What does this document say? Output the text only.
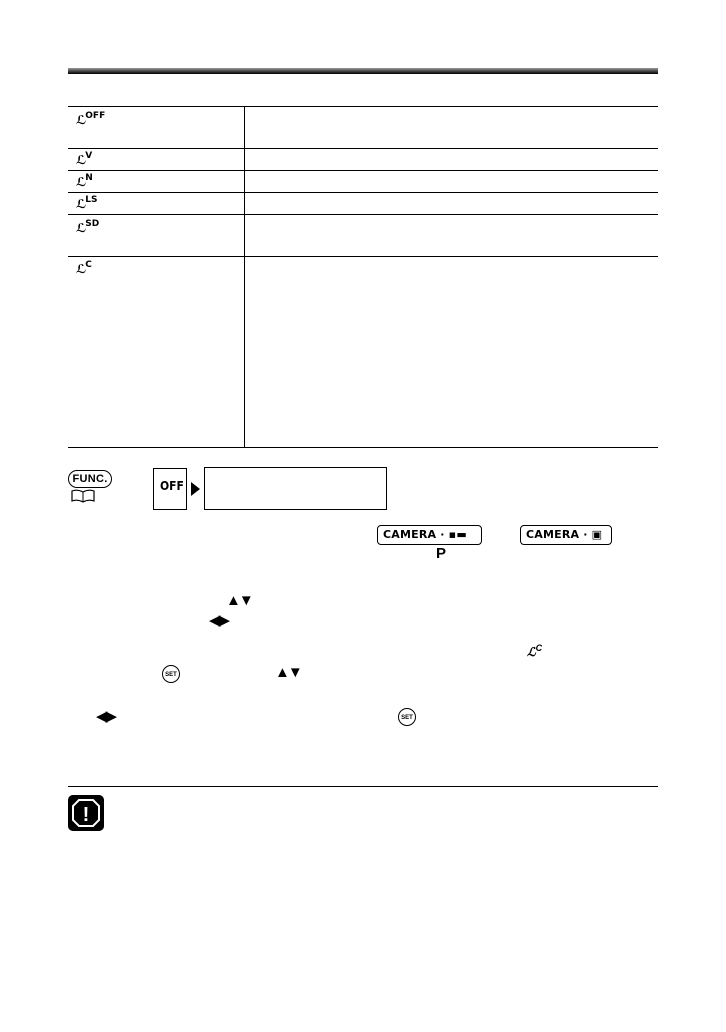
ℒ$^{OFF}$
ℒ$^V$
ℒ$^N$
ℒ$^{LS}$
ℒ$^{SD}$
ℒ$^C$
FUNC.	OFF
CAMERA · ▪▬	CAMERA · ▣
P
▲▼
◀▶
ℒ$^C$
SET	▲▼
◀▶	SET
!
